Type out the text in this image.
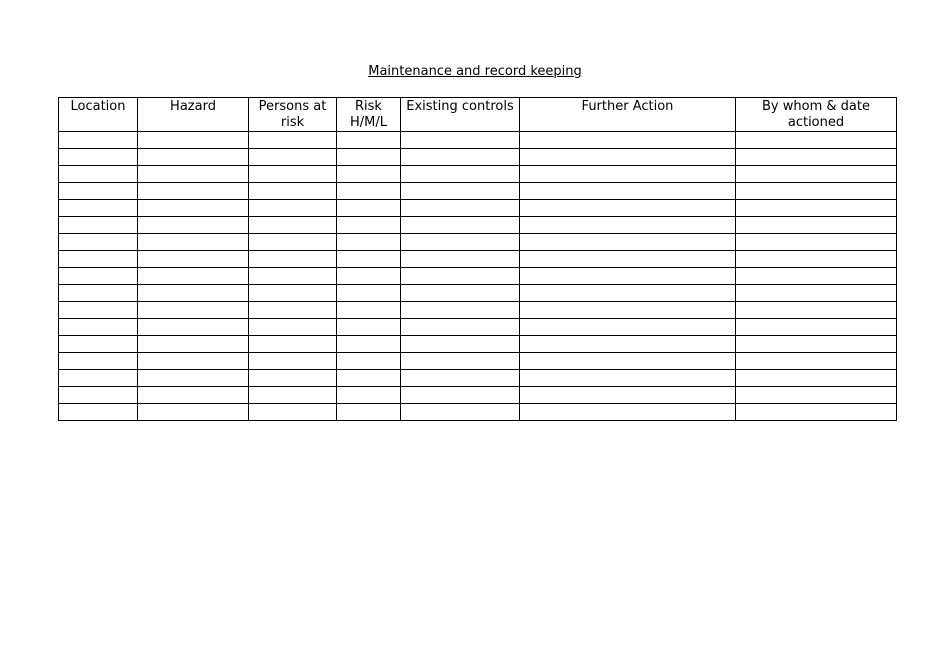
Maintenance and record keeping
Location	Hazard	Persons at risk	Risk H/M/L	Existing controls	Further Action	By whom & date actioned
